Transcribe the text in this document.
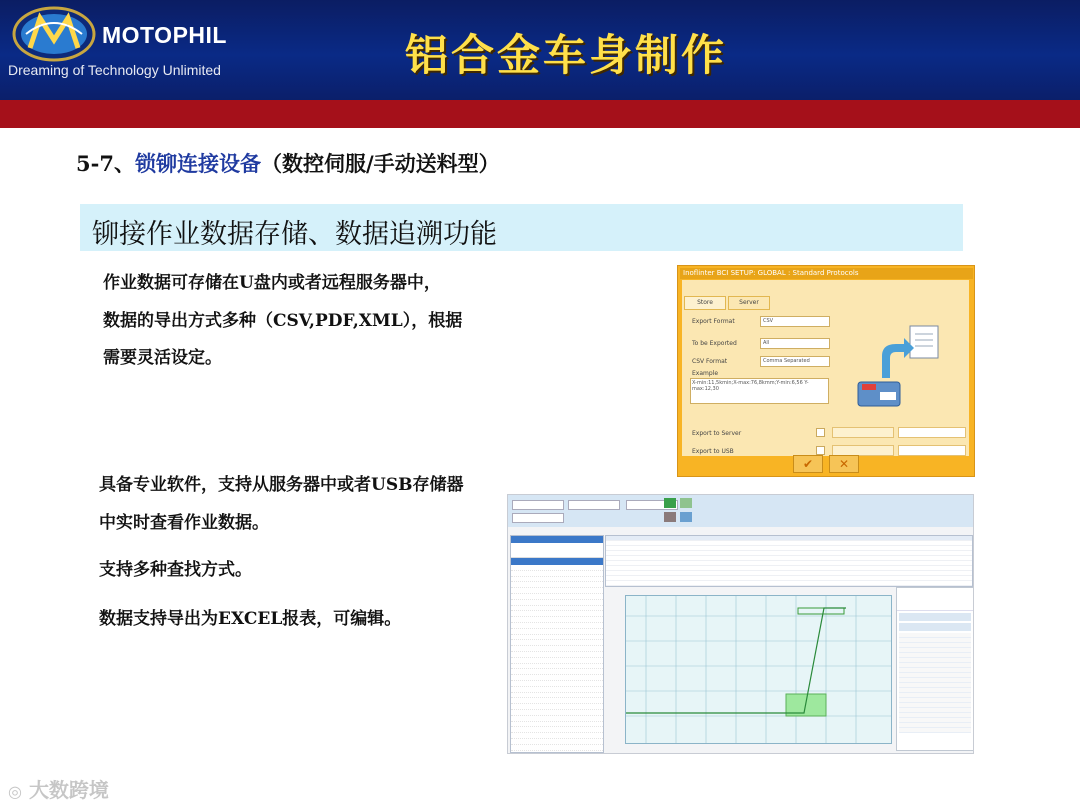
MOTOPHIL
Dreaming of Technology Unlimited	铝合金车身制作
5-7、锁铆连接设备（数控伺服/手动送料型）
铆接作业数据存储、数据追溯功能
作业数据可存储在U盘内或者远程服务器中，
数据的导出方式多种（CSV,PDF,XML），根据
需要灵活设定。
具备专业软件，支持从服务器中或者USB存储器
中实时查看作业数据。
支持多种查找方式。
数据支持导出为EXCEL报表，可编辑。
Inoflinter BCI SETUP: GLOBAL : Standard Protocols
Store	Server
Export Format	CSV
To be Exported	All
CSV Format	Comma Separated
Example
X-min:11,5kmin;X-max:76,8kmm;Y-min:6,56 Y-max:12,30
Export to Server
Export to USB
✔	✕
◎ 大数跨境
